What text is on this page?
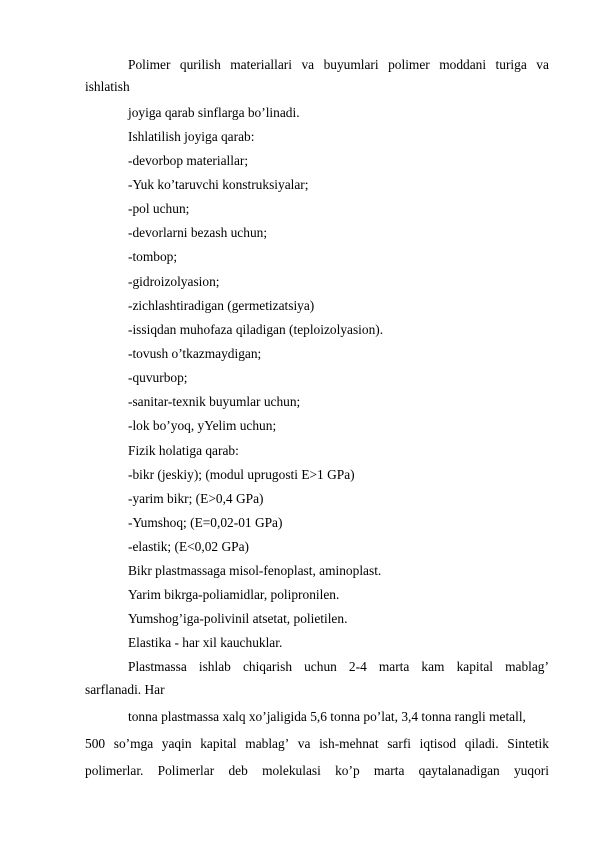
Polimer qurilish materiallari va buyumlari polimer moddani turiga va
ishlatish
joyiga qarab sinflarga bo’linadi.
Ishlatilish joyiga qarab:
-devorbop materiallar;
-Yuk ko’taruvchi konstruksiyalar;
-pol uchun;
-devorlarni bezash uchun;
-tombop;
-gidroizolyasion;
-zichlashtiradigan (germetizatsiya)
-issiqdan muhofaza qiladigan (teploizolyasion).
-tovush o’tkazmaydigan;
-quvurbop;
-sanitar-texnik buyumlar uchun;
-lok bo’yoq, yYelim uchun;
Fizik holatiga qarab:
-bikr (jeskiy); (modul uprugosti E>1 GPa)
-yarim bikr; (E>0,4 GPa)
-Yumshoq; (E=0,02-01 GPa)
-elastik; (E<0,02 GPa)
Bikr plastmassaga misol-fenoplast, aminoplast.
Yarim bikrga-poliamidlar, polipronilen.
Yumshog’iga-polivinil atsetat, polietilen.
Elastika - har xil kauchuklar.
Plastmassa ishlab chiqarish uchun 2-4 marta kam kapital mablag’
sarflanadi. Har
tonna plastmassa xalq xo’jaligida 5,6 tonna po’lat, 3,4 tonna rangli metall,
500 so’mga yaqin kapital mablag’ va ish-mehnat sarfi iqtisod qiladi. Sintetik
polimerlar. Polimerlar deb molekulasi ko’p marta qaytalanadigan yuqori
